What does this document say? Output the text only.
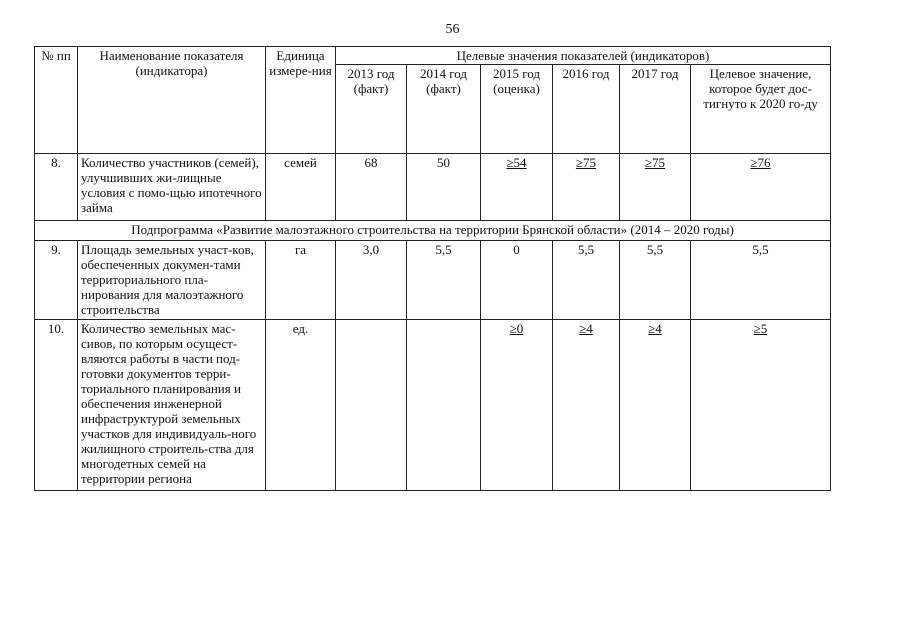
56
№ пп	Наименование показателя (индикатора)	Единица измере-ния	Целевые значения показателей (индикаторов)					
			2013 год (факт)	2014 год (факт)	2015 год (оценка)	2016 год	2017 год	Целевое значение, которое будет дос-тигнуто к 2020 го-ду
8.	Количество участников (семей), улучшивших жи-лищные условия с помо-щью ипотечного займа	семей	68	50	≥54	≥75	≥75	≥76
Подпрограмма «Развитие малоэтажного строительства на территории Брянской области» (2014 – 2020 годы)								
9.	Площадь земельных участ-ков, обеспеченных докумен-тами территориального пла-нирования для малоэтажного строительства	га	3,0	5,5	0	5,5	5,5	5,5
10.	Количество земельных мас-сивов, по которым осущест-вляются работы в части под-готовки документов терри-ториального планирования и обеспечения инженерной инфраструктурой земельных участков для индивидуаль-ного жилищного строитель-ства для многодетных семей на территории региона	ед.			≥0	≥4	≥4	≥5
